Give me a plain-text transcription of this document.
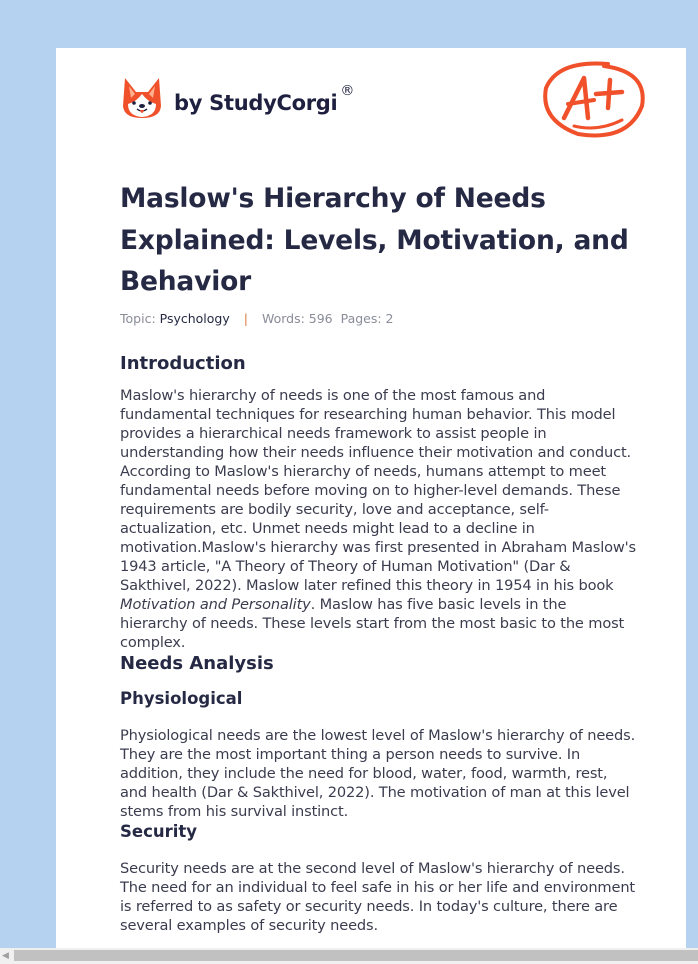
by StudyCorgi ®
Maslow's Hierarchy of Needs Explained: Levels, Motivation, and Behavior
Topic: Psychology | Words: 596 Pages: 2
Introduction

Maslow's hierarchy of needs is one of the most famous and fundamental techniques for researching human behavior. This model provides a hierarchical needs framework to assist people in understanding how their needs influence their motivation and conduct. According to Maslow's hierarchy of needs, humans attempt to meet fundamental needs before moving on to higher-level demands. These requirements are bodily security, love and acceptance, self-actualization, etc. Unmet needs might lead to a decline in motivation.Maslow's hierarchy was first presented in Abraham Maslow's 1943 article, "A Theory of Theory of Human Motivation" (Dar & Sakthivel, 2022). Maslow later refined this theory in 1954 in his book Motivation and Personality. Maslow has five basic levels in the hierarchy of needs. These levels start from the most basic to the most complex.

Needs Analysis
Physiological

Physiological needs are the lowest level of Maslow's hierarchy of needs. They are the most important thing a person needs to survive. In addition, they include the need for blood, water, food, warmth, rest, and health (Dar & Sakthivel, 2022). The motivation of man at this level stems from his survival instinct.

Security

Security needs are at the second level of Maslow's hierarchy of needs. The need for an individual to feel safe in his or her life and environment is referred to as safety or security needs. In today's culture, there are several examples of security needs.

◀
